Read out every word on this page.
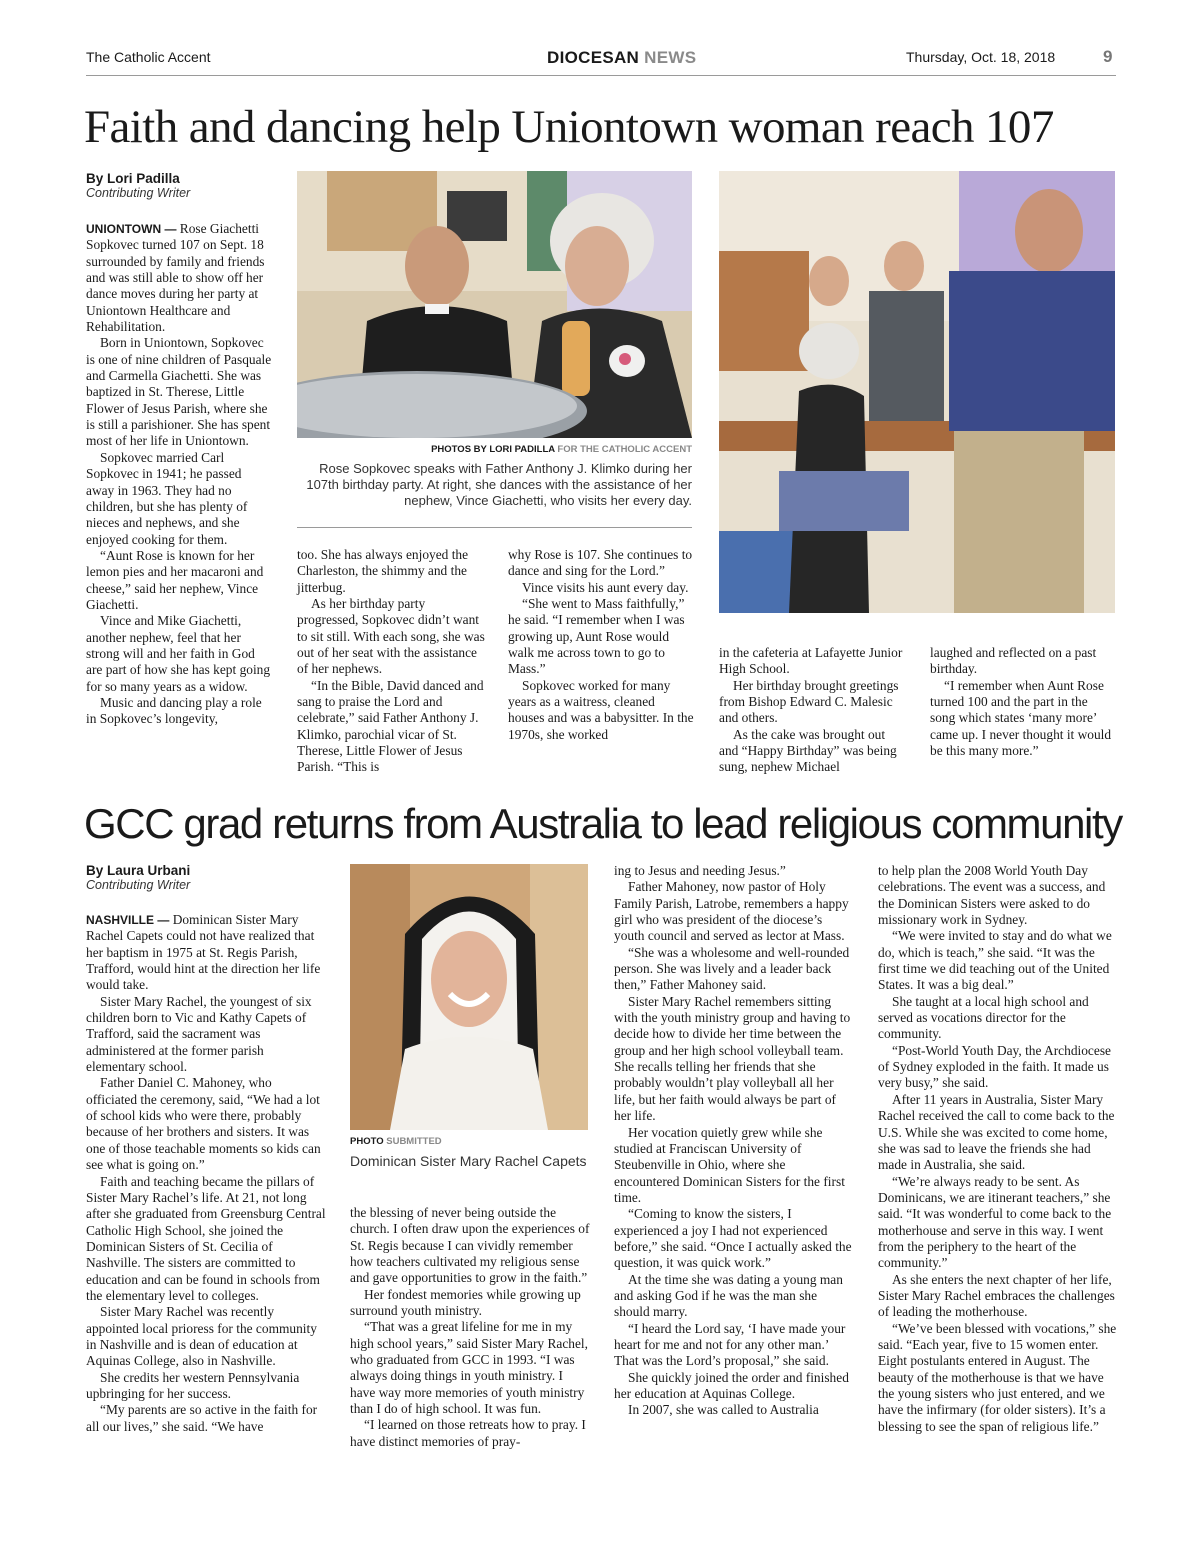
The Catholic Accent	DIOCESAN NEWS	Thursday, Oct. 18, 2018	9
Faith and dancing help Uniontown woman reach 107
By Lori Padilla
Contributing Writer
PHOTOS BY LORI PADILLA FOR THE CATHOLIC ACCENT
Rose Sopkovec speaks with Father Anthony J. Klimko during her 107th birthday party. At right, she dances with the assistance of her nephew, Vince Giachetti, who visits her every day.

UNIONTOWN — Rose Giachetti Sopkovec turned 107 on Sept. 18 surrounded by family and friends and was still able to show off her dance moves during her party at Uniontown Healthcare and Rehabilitation.

Born in Uniontown, Sopkovec is one of nine children of Pasquale and Carmella Giachetti. She was baptized in St. Therese, Little Flower of Jesus Parish, where she is still a parishioner. She has spent most of her life in Uniontown.

Sopkovec married Carl Sopkovec in 1941; he passed away in 1963. They had no children, but she has plenty of nieces and nephews, and she enjoyed cooking for them.

“Aunt Rose is known for her lemon pies and her macaroni and cheese,” said her nephew, Vince Giachetti.

Vince and Mike Giachetti, another nephew, feel that her strong will and her faith in God are part of how she has kept going for so many years as a widow.

Music and dancing play a role in Sopkovec’s longevity,

too. She has always enjoyed the Charleston, the shimmy and the jitterbug.

As her birthday party progressed, Sopkovec didn’t want to sit still. With each song, she was out of her seat with the assistance of her nephews.

“In the Bible, David danced and sang to praise the Lord and celebrate,” said Father Anthony J. Klimko, parochial vicar of St. Therese, Little Flower of Jesus Parish. “This is

why Rose is 107. She continues to dance and sing for the Lord.”

Vince visits his aunt every day.

“She went to Mass faithfully,” he said. “I remember when I was growing up, Aunt Rose would walk me across town to go to Mass.”

Sopkovec worked for many years as a waitress, cleaned houses and was a babysitter. In the 1970s, she worked

in the cafeteria at Lafayette Junior High School.

Her birthday brought greetings from Bishop Edward C. Malesic and others.

As the cake was brought out and “Happy Birthday” was being sung, nephew Michael

laughed and reflected on a past birthday.

“I remember when Aunt Rose turned 100 and the part in the song which states ‘many more’ came up. I never thought it would be this many more.”

GCC grad returns from Australia to lead religious community
By Laura Urbani
Contributing Writer
PHOTO SUBMITTED
Dominican Sister Mary Rachel Capets

NASHVILLE — Dominican Sister Mary Rachel Capets could not have realized that her baptism in 1975 at St. Regis Parish, Trafford, would hint at the direction her life would take.

Sister Mary Rachel, the youngest of six children born to Vic and Kathy Capets of Trafford, said the sacrament was administered at the former parish elementary school.

Father Daniel C. Mahoney, who officiated the ceremony, said, “We had a lot of school kids who were there, probably because of her brothers and sisters. It was one of those teachable moments so kids can see what is going on.”

Faith and teaching became the pillars of Sister Mary Rachel’s life. At 21, not long after she graduated from Greensburg Central Catholic High School, she joined the Dominican Sisters of St. Cecilia of Nashville. The sisters are committed to education and can be found in schools from the elementary level to colleges.

Sister Mary Rachel was recently appointed local prioress for the community in Nashville and is dean of education at Aquinas College, also in Nashville.

She credits her western Pennsylvania upbringing for her success.

“My parents are so active in the faith for all our lives,” she said. “We have

the blessing of never being outside the church. I often draw upon the experiences of St. Regis because I can vividly remember how teachers cultivated my religious sense and gave opportunities to grow in the faith.”

Her fondest memories while growing up surround youth ministry.

“That was a great lifeline for me in my high school years,” said Sister Mary Rachel, who graduated from GCC in 1993. “I was always doing things in youth ministry. I have way more memories of youth ministry than I do of high school. It was fun.

“I learned on those retreats how to pray. I have distinct memories of pray-

ing to Jesus and needing Jesus.”

Father Mahoney, now pastor of Holy Family Parish, Latrobe, remembers a happy girl who was president of the diocese’s youth council and served as lector at Mass.

“She was a wholesome and well-rounded person. She was lively and a leader back then,” Father Mahoney said.

Sister Mary Rachel remembers sitting with the youth ministry group and having to decide how to divide her time between the group and her high school volleyball team. She recalls telling her friends that she probably wouldn’t play volleyball all her life, but her faith would always be part of her life.

Her vocation quietly grew while she studied at Franciscan University of Steubenville in Ohio, where she encountered Dominican Sisters for the first time.

“Coming to know the sisters, I experienced a joy I had not experienced before,” she said. “Once I actually asked the question, it was quick work.”

At the time she was dating a young man and asking God if he was the man she should marry.

“I heard the Lord say, ‘I have made your heart for me and not for any other man.’ That was the Lord’s proposal,” she said.

She quickly joined the order and finished her education at Aquinas College.

In 2007, she was called to Australia

to help plan the 2008 World Youth Day celebrations. The event was a success, and the Dominican Sisters were asked to do missionary work in Sydney.

“We were invited to stay and do what we do, which is teach,” she said. “It was the first time we did teaching out of the United States. It was a big deal.”

She taught at a local high school and served as vocations director for the community.

“Post-World Youth Day, the Archdiocese of Sydney exploded in the faith. It made us very busy,” she said.

After 11 years in Australia, Sister Mary Rachel received the call to come back to the U.S. While she was excited to come home, she was sad to leave the friends she had made in Australia, she said.

“We’re always ready to be sent. As Dominicans, we are itinerant teachers,” she said. “It was wonderful to come back to the motherhouse and serve in this way. I went from the periphery to the heart of the community.”

As she enters the next chapter of her life, Sister Mary Rachel embraces the challenges of leading the motherhouse.

“We’ve been blessed with vocations,” she said. “Each year, five to 15 women enter. Eight postulants entered in August. The beauty of the motherhouse is that we have the young sisters who just entered, and we have the infirmary (for older sisters). It’s a blessing to see the span of religious life.”
